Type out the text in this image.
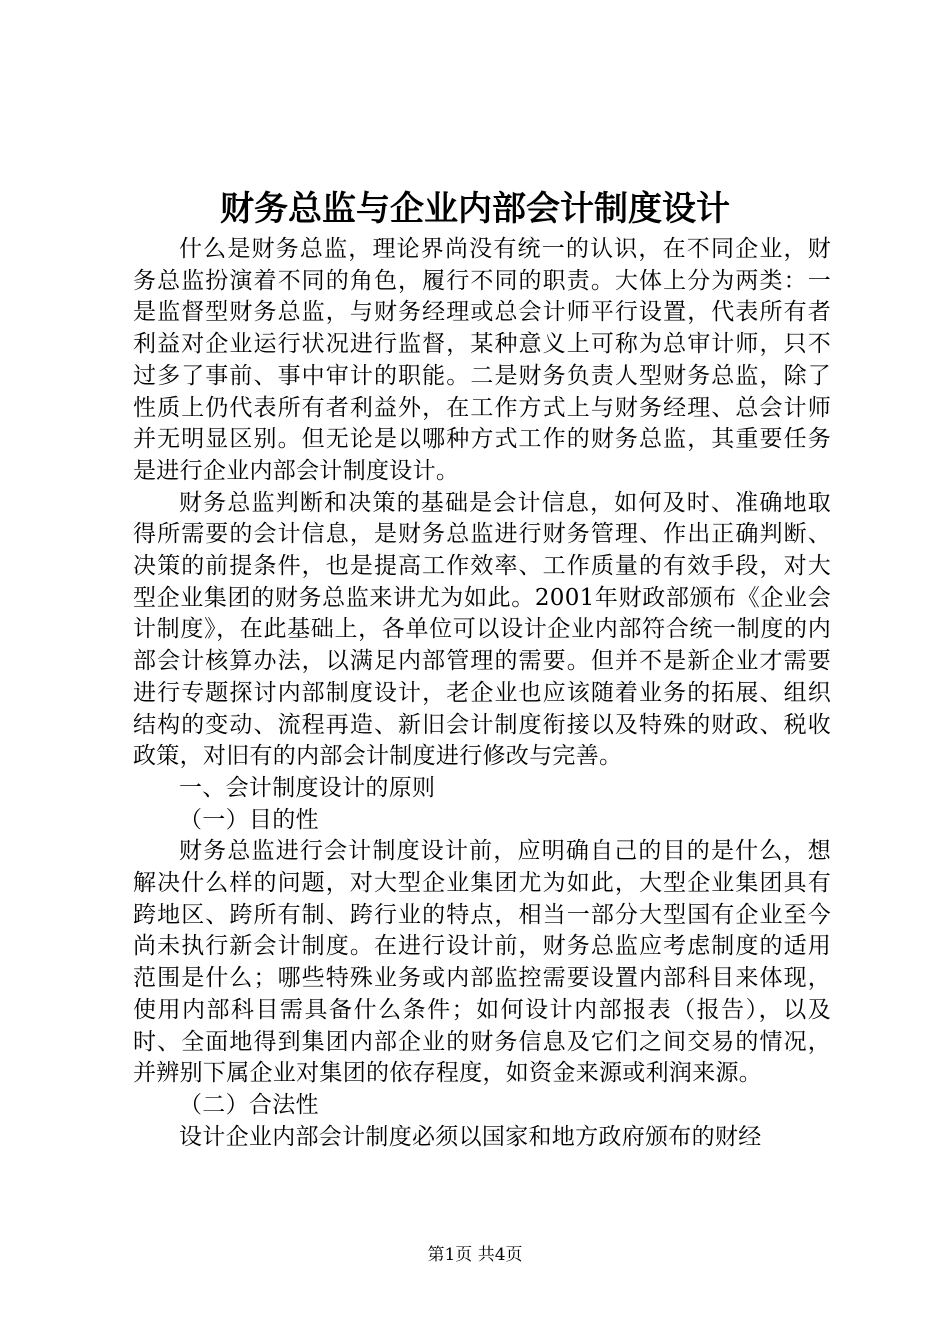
财务总监与企业内部会计制度设计

什么是财务总监，理论界尚没有统一的认识，在不同企业，财务总监扮演着不同的角色，履行不同的职责。大体上分为两类：一是监督型财务总监，与财务经理或总会计师平行设置，代表所有者利益对企业运行状况进行监督，某种意义上可称为总审计师，只不过多了事前、事中审计的职能。二是财务负责人型财务总监，除了性质上仍代表所有者利益外，在工作方式上与财务经理、总会计师并无明显区别。但无论是以哪种方式工作的财务总监，其重要任务是进行企业内部会计制度设计。

财务总监判断和决策的基础是会计信息，如何及时、准确地取得所需要的会计信息，是财务总监进行财务管理、作出正确判断、决策的前提条件，也是提高工作效率、工作质量的有效手段，对大型企业集团的财务总监来讲尤为如此。2001年财政部颁布《企业会计制度》，在此基础上，各单位可以设计企业内部符合统一制度的内部会计核算办法，以满足内部管理的需要。但并不是新企业才需要进行专题探讨内部制度设计，老企业也应该随着业务的拓展、组织结构的变动、流程再造、新旧会计制度衔接以及特殊的财政、税收政策，对旧有的内部会计制度进行修改与完善。

一、会计制度设计的原则

（一）目的性

财务总监进行会计制度设计前，应明确自己的目的是什么，想解决什么样的问题，对大型企业集团尤为如此，大型企业集团具有跨地区、跨所有制、跨行业的特点，相当一部分大型国有企业至今尚未执行新会计制度。在进行设计前，财务总监应考虑制度的适用范围是什么；哪些特殊业务或内部监控需要设置内部科目来体现，使用内部科目需具备什么条件；如何设计内部报表（报告），以及时、全面地得到集团内部企业的财务信息及它们之间交易的情况，并辨别下属企业对集团的依存程度，如资金来源或利润来源。

（二）合法性

设计企业内部会计制度必须以国家和地方政府颁布的财经

第1页 共4页
